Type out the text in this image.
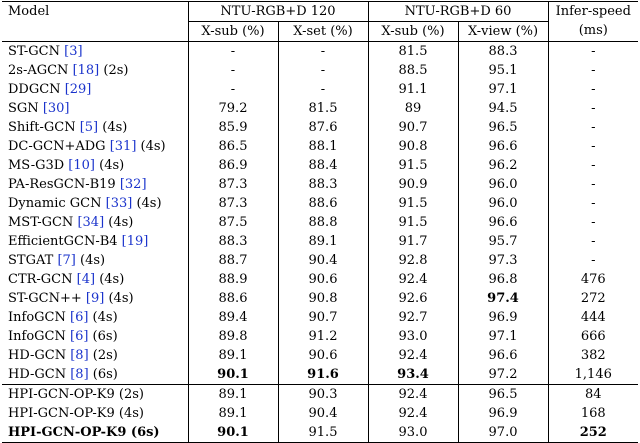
Model	NTU-RGB+D 120		NTU-RGB+D 60		Infer-speed
	X-sub (%)	X-set (%)	X-sub (%)	X-view (%)	(ms)
ST-GCN [3]	-	-	81.5	88.3	-
2s-AGCN [18] (2s)	-	-	88.5	95.1	-
DDGCN [29]	-	-	91.1	97.1	-
SGN [30]	79.2	81.5	89	94.5	-
Shift-GCN [5] (4s)	85.9	87.6	90.7	96.5	-
DC-GCN+ADG [31] (4s)	86.5	88.1	90.8	96.6	-
MS-G3D [10] (4s)	86.9	88.4	91.5	96.2	-
PA-ResGCN-B19 [32]	87.3	88.3	90.9	96.0	-
Dynamic GCN [33] (4s)	87.3	88.6	91.5	96.0	-
MST-GCN [34] (4s)	87.5	88.8	91.5	96.6	-
EfficientGCN-B4 [19]	88.3	89.1	91.7	95.7	-
STGAT [7] (4s)	88.7	90.4	92.8	97.3	-
CTR-GCN [4] (4s)	88.9	90.6	92.4	96.8	476
ST-GCN++ [9] (4s)	88.6	90.8	92.6	97.4	272
InfoGCN [6] (4s)	89.4	90.7	92.7	96.9	444
InfoGCN [6] (6s)	89.8	91.2	93.0	97.1	666
HD-GCN [8] (2s)	89.1	90.6	92.4	96.6	382
HD-GCN [8] (6s)	90.1	91.6	93.4	97.2	1,146
HPI-GCN-OP-K9 (2s)	89.1	90.3	92.4	96.5	84
HPI-GCN-OP-K9 (4s)	89.1	90.4	92.4	96.9	168
HPI-GCN-OP-K9 (6s)	90.1	91.5	93.0	97.0	252
